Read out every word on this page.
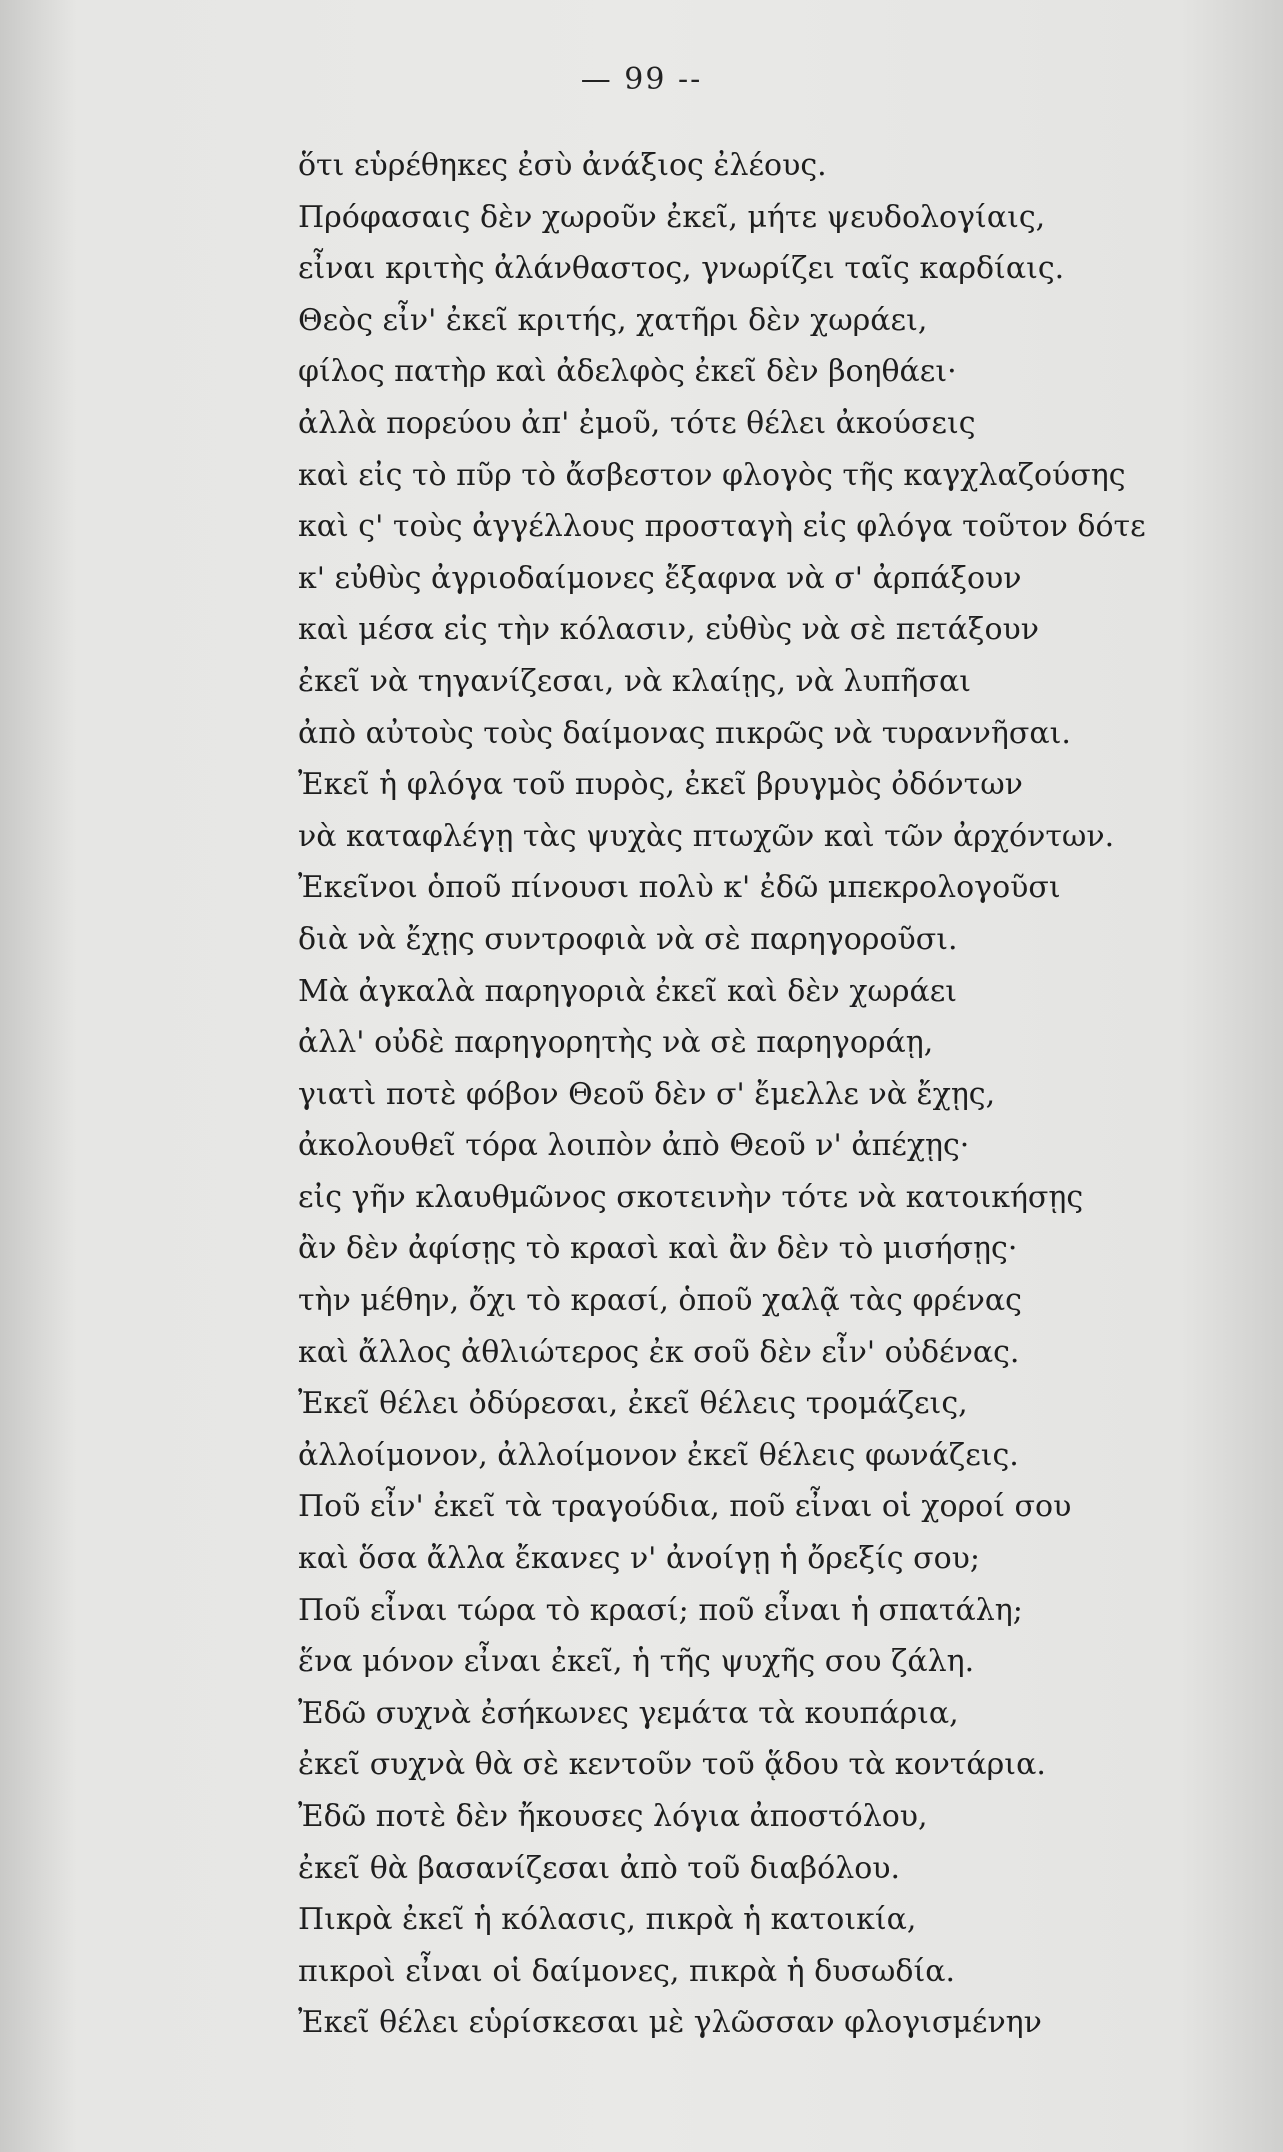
— 99 --
ὅτι εὑρέθηκες ἐσὺ ἀνάξιος ἐλέους.
Πρόφασαις δὲν χωροῦν ἐκεῖ, μήτε ψευδολογίαις,
εἶναι κριτὴς ἀλάνθαστος, γνωρίζει ταῖς καρδίαις.
Θεὸς εἶν' ἐκεῖ κριτής, χατῆρι δὲν χωράει,
φίλος πατὴρ καὶ ἀδελφὸς ἐκεῖ δὲν βοηθάει·
ἀλλὰ πορεύου ἀπ' ἐμοῦ, τότε θέλει ἀκούσεις
καὶ εἰς τὸ πῦρ τὸ ἄσβεστον φλογὸς τῆς καγχλαζούσης
καὶ ς' τοὺς ἀγγέλλους προσταγὴ εἰς φλόγα τοῦτον δότε
κ' εὐθὺς ἀγριοδαίμονες ἔξαφνα νὰ σ' ἀρπάξουν
καὶ μέσα εἰς τὴν κόλασιν, εὐθὺς νὰ σὲ πετάξουν
ἐκεῖ νὰ τηγανίζεσαι, νὰ κλαίῃς, νὰ λυπῆσαι
ἀπὸ αὐτοὺς τοὺς δαίμονας πικρῶς νὰ τυραννῆσαι.
Ἐκεῖ ἡ φλόγα τοῦ πυρὸς, ἐκεῖ βρυγμὸς ὀδόντων
νὰ καταφλέγῃ τὰς ψυχὰς πτωχῶν καὶ τῶν ἀρχόντων.
Ἐκεῖνοι ὁποῦ πίνουσι πολὺ κ' ἐδῶ μπεκρολογοῦσι
διὰ νὰ ἔχῃς συντροφιὰ νὰ σὲ παρηγοροῦσι.
Μὰ ἀγκαλὰ παρηγοριὰ ἐκεῖ καὶ δὲν χωράει
ἀλλ' οὐδὲ παρηγορητὴς νὰ σὲ παρηγοράῃ,
γιατὶ ποτὲ φόβον Θεοῦ δὲν σ' ἔμελλε νὰ ἔχῃς,
ἀκολουθεῖ τόρα λοιπὸν ἀπὸ Θεοῦ ν' ἀπέχῃς·
εἰς γῆν κλαυθμῶνος σκοτεινὴν τότε νὰ κατοικήσῃς
ἂν δὲν ἀφίσῃς τὸ κρασὶ καὶ ἂν δὲν τὸ μισήσῃς·
τὴν μέθην, ὄχι τὸ κρασί, ὁποῦ χαλᾷ τὰς φρένας
καὶ ἄλλος ἀθλιώτερος ἐκ σοῦ δὲν εἶν' οὐδένας.
Ἐκεῖ θέλει ὀδύρεσαι, ἐκεῖ θέλεις τρομάζεις,
ἀλλοίμονον, ἀλλοίμονον ἐκεῖ θέλεις φωνάζεις.
Ποῦ εἶν' ἐκεῖ τὰ τραγούδια, ποῦ εἶναι οἱ χοροί σου
καὶ ὅσα ἄλλα ἔκανες ν' ἀνοίγῃ ἡ ὄρεξίς σου;
Ποῦ εἶναι τώρα τὸ κρασί; ποῦ εἶναι ἡ σπατάλη;
ἕνα μόνον εἶναι ἐκεῖ, ἡ τῆς ψυχῆς σου ζάλη.
Ἐδῶ συχνὰ ἐσήκωνες γεμάτα τὰ κουπάρια,
ἐκεῖ συχνὰ θὰ σὲ κεντοῦν τοῦ ᾅδου τὰ κοντάρια.
Ἐδῶ ποτὲ δὲν ἤκουσες λόγια ἀποστόλου,
ἐκεῖ θὰ βασανίζεσαι ἀπὸ τοῦ διαβόλου.
Πικρὰ ἐκεῖ ἡ κόλασις, πικρὰ ἡ κατοικία,
πικροὶ εἶναι οἱ δαίμονες, πικρὰ ἡ δυσωδία.
Ἐκεῖ θέλει εὑρίσκεσαι μὲ γλῶσσαν φλογισμένην
